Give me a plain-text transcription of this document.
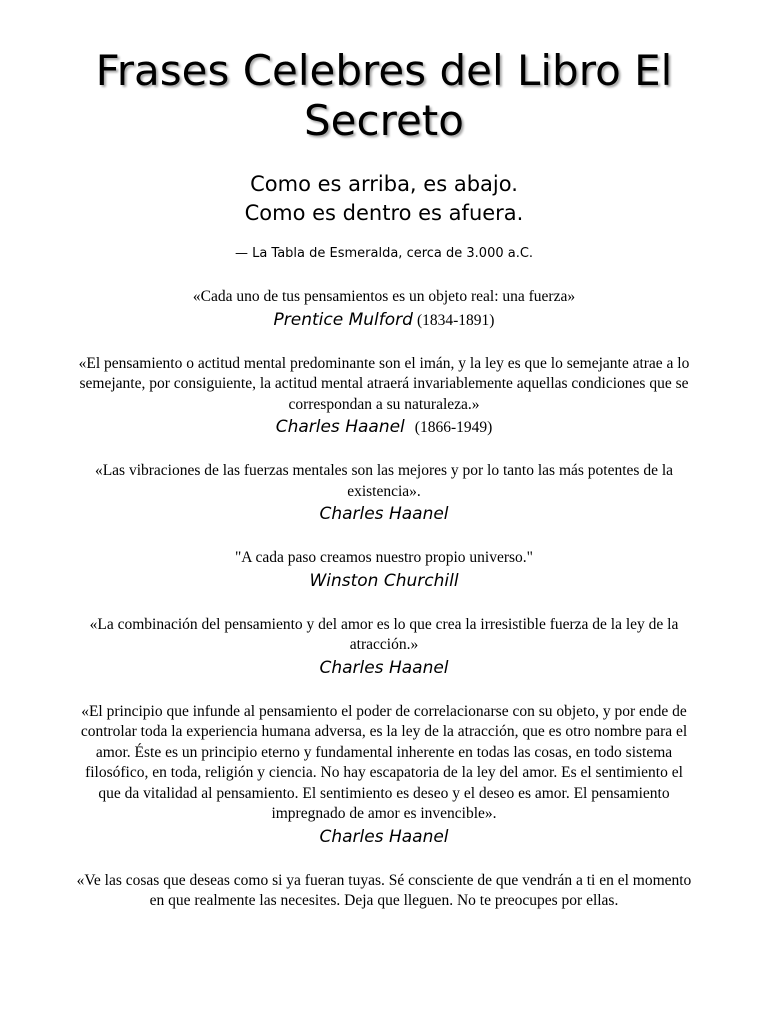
Frases Celebres del Libro El Secreto
Como es arriba, es abajo.
Como es dentro es afuera.
— La Tabla de Esmeralda, cerca de 3.000 a.C.
«Cada uno de tus pensamientos es un objeto real: una fuerza»
Prentice Mulford (1834-1891)
«El pensamiento o actitud mental predominante son el imán, y la ley es que lo semejante atrae a lo semejante, por consiguiente, la actitud mental atraerá invariablemente aquellas condiciones que se correspondan a su naturaleza.»
Charles Haanel (1866-1949)
«Las vibraciones de las fuerzas mentales son las mejores y por lo tanto las más potentes de la existencia».
Charles Haanel
"A cada paso creamos nuestro propio universo."
Winston Churchill
«La combinación del pensamiento y del amor es lo que crea la irresistible fuerza de la ley de la atracción.»
Charles Haanel
«El principio que infunde al pensamiento el poder de correlacionarse con su objeto, y por ende de controlar toda la experiencia humana adversa, es la ley de la atracción, que es otro nombre para el amor. Éste es un principio eterno y fundamental inherente en todas las cosas, en todo sistema filosófico, en toda, religión y ciencia. No hay escapatoria de la ley del amor. Es el sentimiento el que da vitalidad al pensamiento. El sentimiento es deseo y el deseo es amor. El pensamiento impregnado de amor es invencible».
Charles Haanel
«Ve las cosas que deseas como si ya fueran tuyas. Sé consciente de que vendrán a ti en el momento en que realmente las necesites. Deja que lleguen. No te preocupes por ellas.
